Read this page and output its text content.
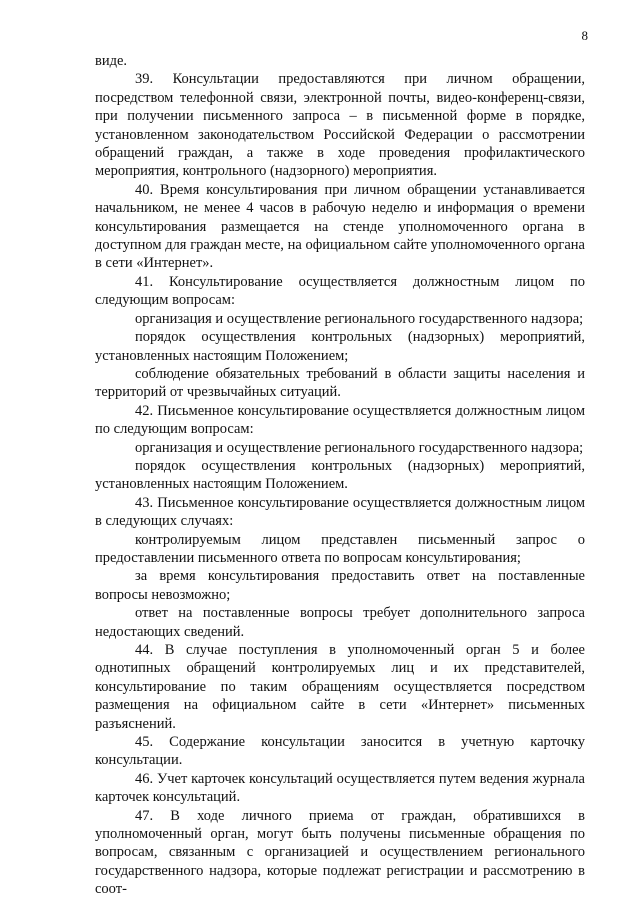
8

виде.

39. Консультации предоставляются при личном обращении, посредством телефонной связи, электронной почты, видео-конференц-связи, при получении письменного запроса – в письменной форме в порядке, установленном законодательством Российской Федерации о рассмотрении обращений граждан, а также в ходе проведения профилактического мероприятия, контрольного (надзорного) мероприятия.

40. Время консультирования при личном обращении устанавливается начальником, не менее 4 часов в рабочую неделю и информация о времени консультирования размещается на стенде уполномоченного органа в доступном для граждан месте, на официальном сайте уполномоченного органа в сети «Интернет».

41. Консультирование осуществляется должностным лицом по следующим вопросам:

организация и осуществление регионального государственного надзора;

порядок осуществления контрольных (надзорных) мероприятий, установленных настоящим Положением;

соблюдение обязательных требований в области защиты населения и территорий от чрезвычайных ситуаций.

42. Письменное консультирование осуществляется должностным лицом по следующим вопросам:

организация и осуществление регионального государственного надзора;

порядок осуществления контрольных (надзорных) мероприятий, установленных настоящим Положением.

43. Письменное консультирование осуществляется должностным лицом в следующих случаях:

контролируемым лицом представлен письменный запрос о предоставлении письменного ответа по вопросам консультирования;

за время консультирования предоставить ответ на поставленные вопросы невозможно;

ответ на поставленные вопросы требует дополнительного запроса недостающих сведений.

44. В случае поступления в уполномоченный орган 5 и более однотипных обращений контролируемых лиц и их представителей, консультирование по таким обращениям осуществляется посредством размещения на официальном сайте в сети «Интернет» письменных разъяснений.

45. Содержание консультации заносится в учетную карточку консультации.

46. Учет карточек консультаций осуществляется путем ведения журнала карточек консультаций.

47. В ходе личного приема от граждан, обратившихся в уполномоченный орган, могут быть получены письменные обращения по вопросам, связанным с организацией и осуществлением регионального государственного надзора, которые подлежат регистрации и рассмотрению в соот-
